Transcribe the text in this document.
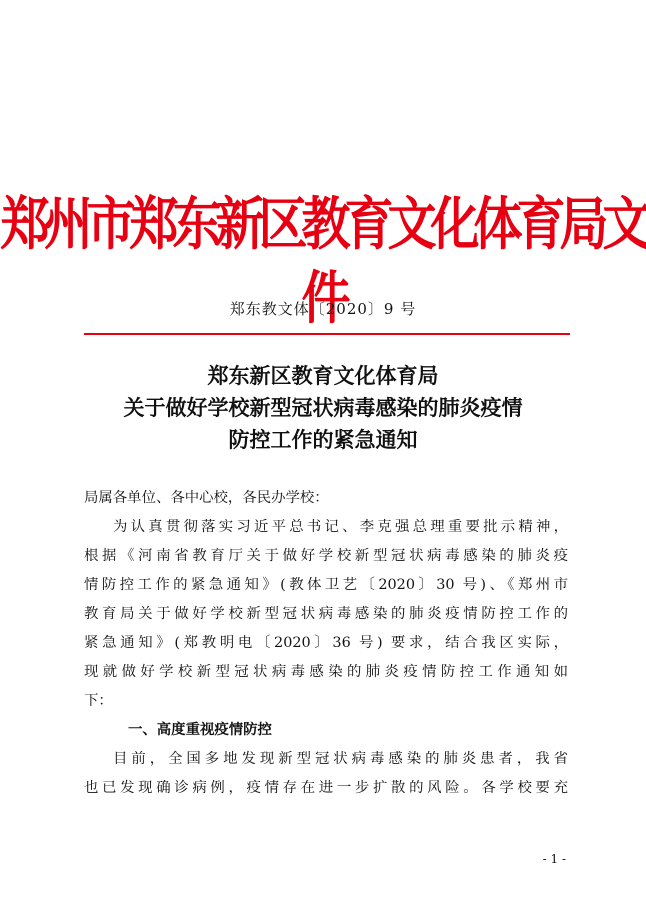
郑州市郑东新区教育文化体育局文件
郑东教文体〔2020〕9 号
郑东新区教育文化体育局
关于做好学校新型冠状病毒感染的肺炎疫情
防控工作的紧急通知
局属各单位、各中心校，各民办学校：
为认真贯彻落实习近平总书记、李克强总理重要批示精神，
根据《河南省教育厅关于做好学校新型冠状病毒感染的肺炎疫
情防控工作的紧急通知》(教体卫艺〔2020〕30 号)、《郑州市
教育局关于做好学校新型冠状病毒感染的肺炎疫情防控工作的
紧急通知》(郑教明电〔2020〕36 号) 要求，结合我区实际，
现就做好学校新型冠状病毒感染的肺炎疫情防控工作通知如
下：
一、高度重视疫情防控
目前，全国多地发现新型冠状病毒感染的肺炎患者，我省
也已发现确诊病例，疫情存在进一步扩散的风险。各学校要充
- 1 -
